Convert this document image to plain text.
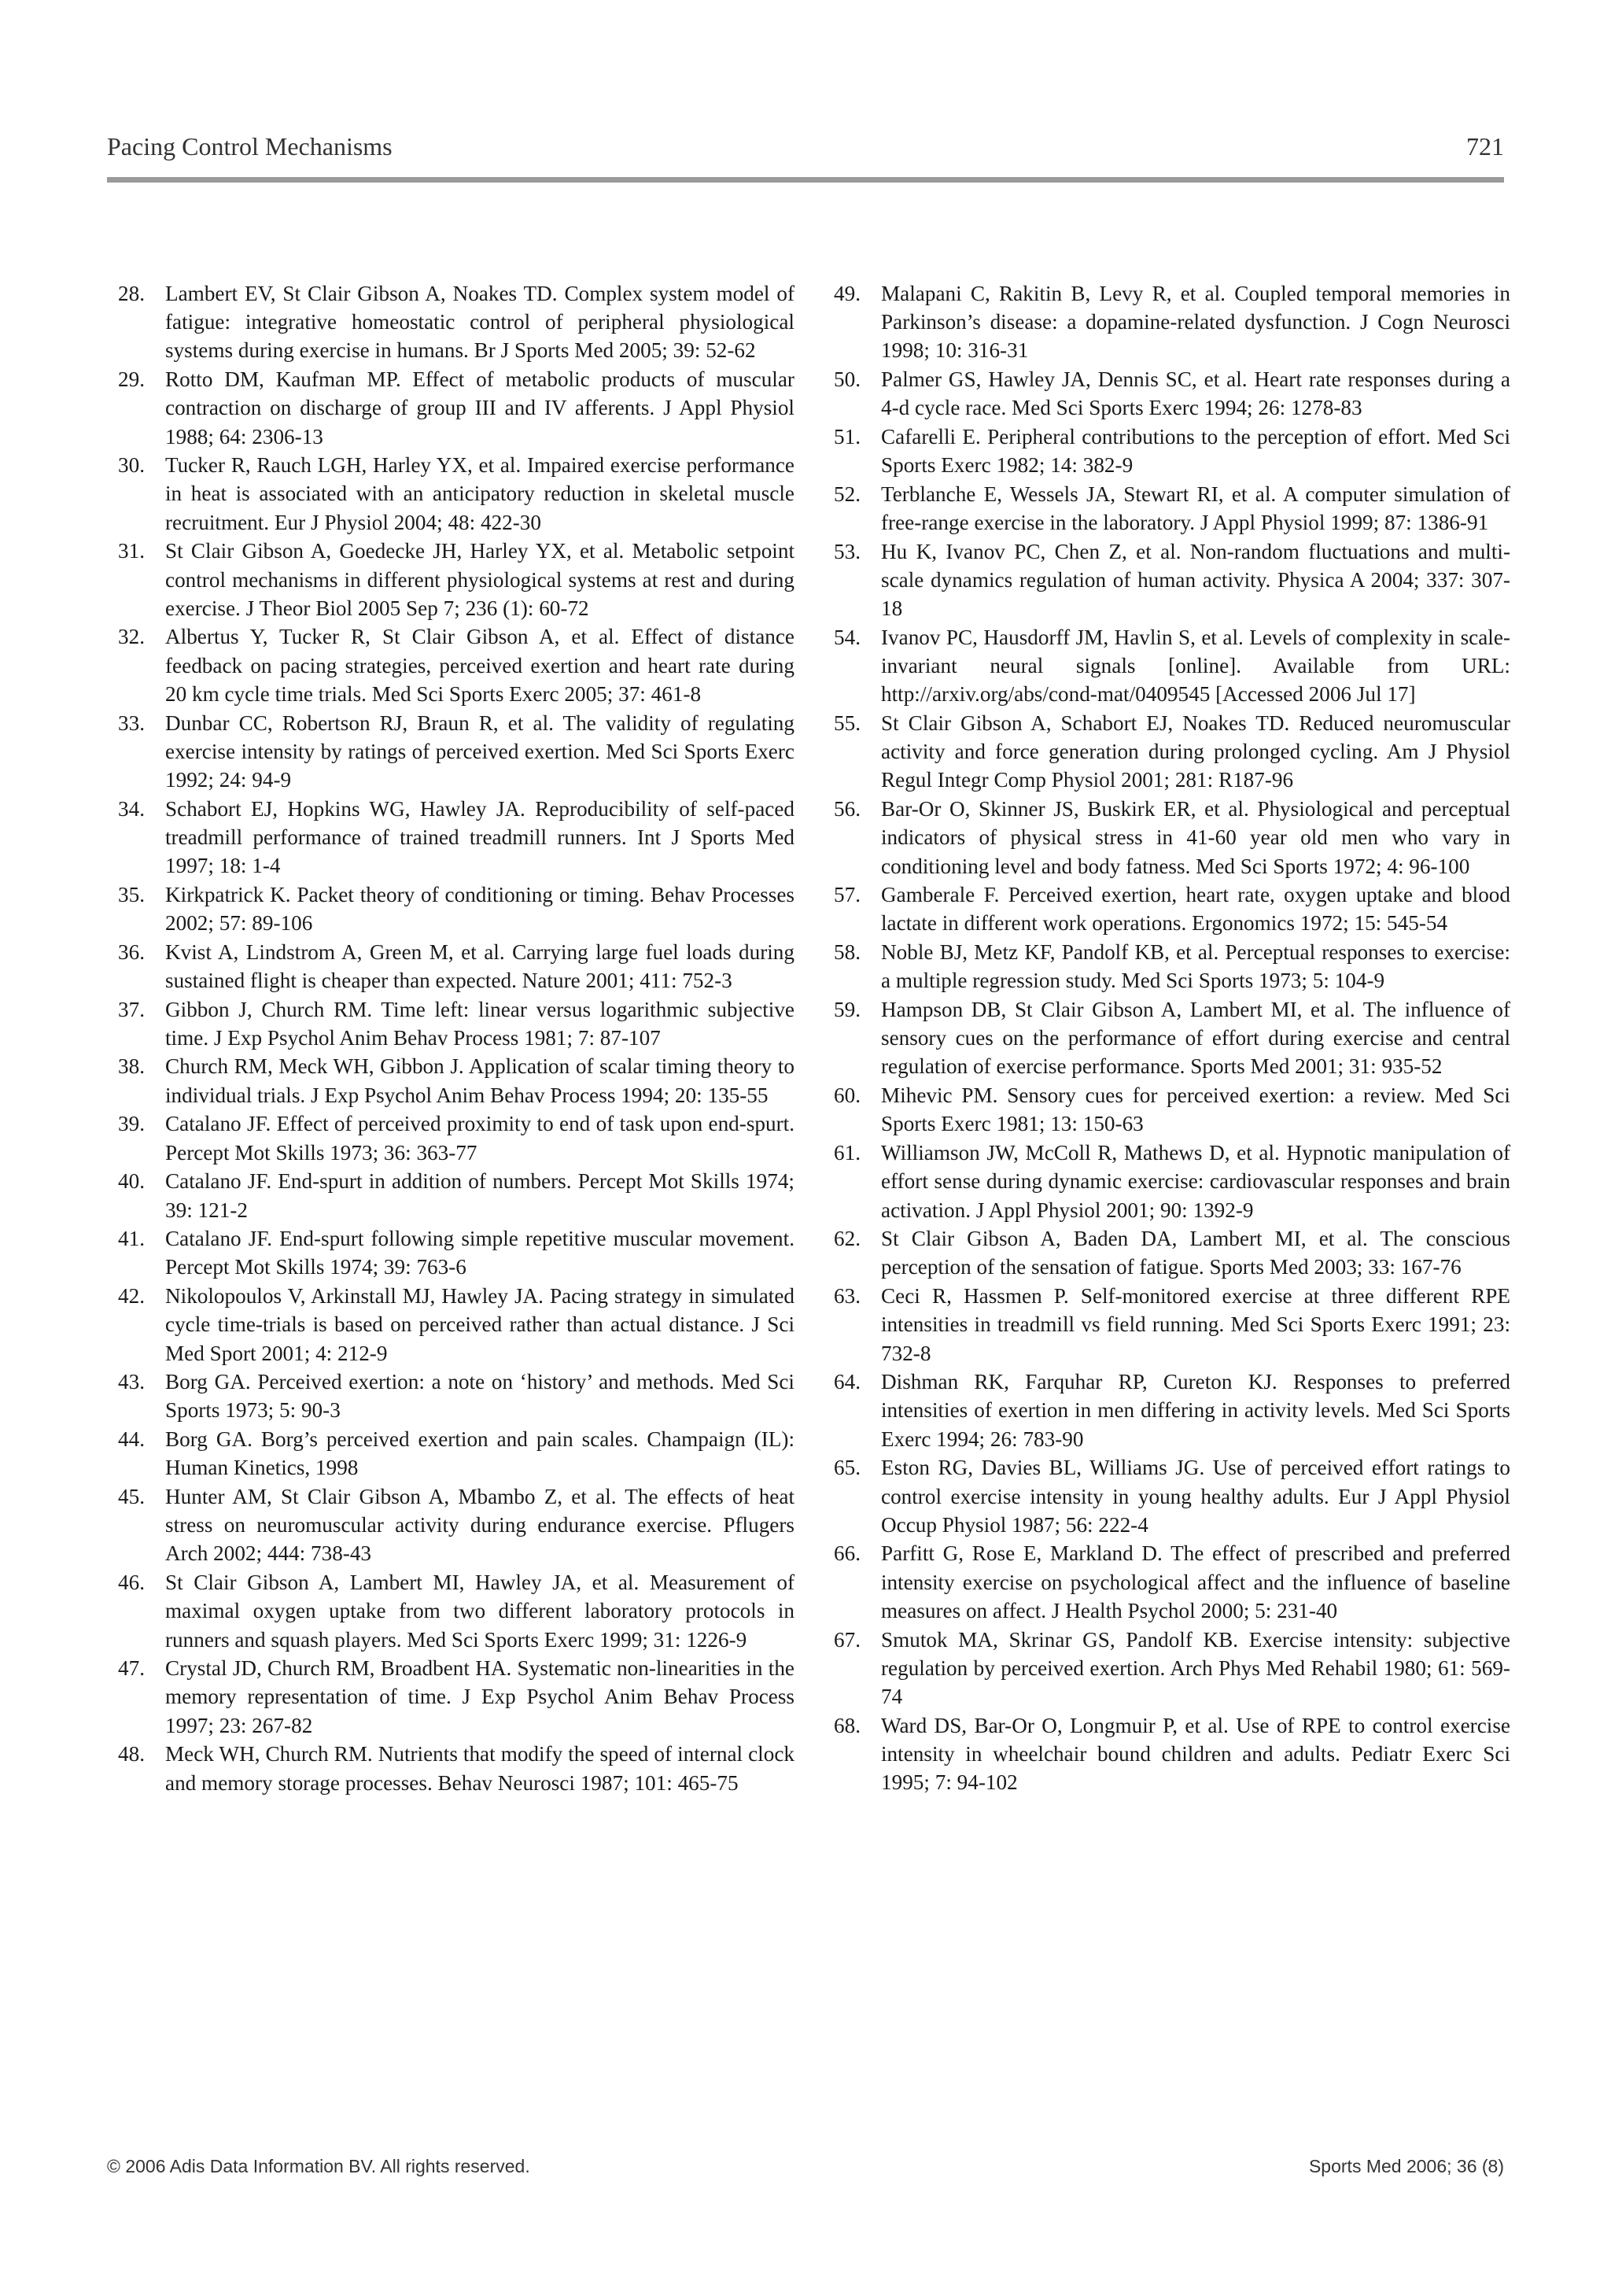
Pacing Control Mechanisms	721
28. Lambert EV, St Clair Gibson A, Noakes TD. Complex system model of fatigue: integrative homeostatic control of peripheral physiological systems during exercise in humans. Br J Sports Med 2005; 39: 52-62
29. Rotto DM, Kaufman MP. Effect of metabolic products of muscular contraction on discharge of group III and IV afferents. J Appl Physiol 1988; 64: 2306-13
30. Tucker R, Rauch LGH, Harley YX, et al. Impaired exercise performance in heat is associated with an anticipatory reduction in skeletal muscle recruitment. Eur J Physiol 2004; 48: 422-30
31. St Clair Gibson A, Goedecke JH, Harley YX, et al. Metabolic setpoint control mechanisms in different physiological systems at rest and during exercise. J Theor Biol 2005 Sep 7; 236 (1): 60-72
32. Albertus Y, Tucker R, St Clair Gibson A, et al. Effect of distance feedback on pacing strategies, perceived exertion and heart rate during 20 km cycle time trials. Med Sci Sports Exerc 2005; 37: 461-8
33. Dunbar CC, Robertson RJ, Braun R, et al. The validity of regulating exercise intensity by ratings of perceived exertion. Med Sci Sports Exerc 1992; 24: 94-9
34. Schabort EJ, Hopkins WG, Hawley JA. Reproducibility of self-paced treadmill performance of trained treadmill runners. Int J Sports Med 1997; 18: 1-4
35. Kirkpatrick K. Packet theory of conditioning or timing. Behav Processes 2002; 57: 89-106
36. Kvist A, Lindstrom A, Green M, et al. Carrying large fuel loads during sustained flight is cheaper than expected. Nature 2001; 411: 752-3
37. Gibbon J, Church RM. Time left: linear versus logarithmic subjective time. J Exp Psychol Anim Behav Process 1981; 7: 87-107
38. Church RM, Meck WH, Gibbon J. Application of scalar timing theory to individual trials. J Exp Psychol Anim Behav Process 1994; 20: 135-55
39. Catalano JF. Effect of perceived proximity to end of task upon end-spurt. Percept Mot Skills 1973; 36: 363-77
40. Catalano JF. End-spurt in addition of numbers. Percept Mot Skills 1974; 39: 121-2
41. Catalano JF. End-spurt following simple repetitive muscular movement. Percept Mot Skills 1974; 39: 763-6
42. Nikolopoulos V, Arkinstall MJ, Hawley JA. Pacing strategy in simulated cycle time-trials is based on perceived rather than actual distance. J Sci Med Sport 2001; 4: 212-9
43. Borg GA. Perceived exertion: a note on ‘history’ and methods. Med Sci Sports 1973; 5: 90-3
44. Borg GA. Borg’s perceived exertion and pain scales. Champaign (IL): Human Kinetics, 1998
45. Hunter AM, St Clair Gibson A, Mbambo Z, et al. The effects of heat stress on neuromuscular activity during endurance exercise. Pflugers Arch 2002; 444: 738-43
46. St Clair Gibson A, Lambert MI, Hawley JA, et al. Measurement of maximal oxygen uptake from two different laboratory protocols in runners and squash players. Med Sci Sports Exerc 1999; 31: 1226-9
47. Crystal JD, Church RM, Broadbent HA. Systematic non-linearities in the memory representation of time. J Exp Psychol Anim Behav Process 1997; 23: 267-82
48. Meck WH, Church RM. Nutrients that modify the speed of internal clock and memory storage processes. Behav Neurosci 1987; 101: 465-75
49. Malapani C, Rakitin B, Levy R, et al. Coupled temporal memories in Parkinson’s disease: a dopamine-related dysfunction. J Cogn Neurosci 1998; 10: 316-31
50. Palmer GS, Hawley JA, Dennis SC, et al. Heart rate responses during a 4-d cycle race. Med Sci Sports Exerc 1994; 26: 1278-83
51. Cafarelli E. Peripheral contributions to the perception of effort. Med Sci Sports Exerc 1982; 14: 382-9
52. Terblanche E, Wessels JA, Stewart RI, et al. A computer simulation of free-range exercise in the laboratory. J Appl Physiol 1999; 87: 1386-91
53. Hu K, Ivanov PC, Chen Z, et al. Non-random fluctuations and multi-scale dynamics regulation of human activity. Physica A 2004; 337: 307-18
54. Ivanov PC, Hausdorff JM, Havlin S, et al. Levels of complexity in scale-invariant neural signals [online]. Available from URL: http://arxiv.org/abs/cond-mat/0409545 [Accessed 2006 Jul 17]
55. St Clair Gibson A, Schabort EJ, Noakes TD. Reduced neuromuscular activity and force generation during prolonged cycling. Am J Physiol Regul Integr Comp Physiol 2001; 281: R187-96
56. Bar-Or O, Skinner JS, Buskirk ER, et al. Physiological and perceptual indicators of physical stress in 41-60 year old men who vary in conditioning level and body fatness. Med Sci Sports 1972; 4: 96-100
57. Gamberale F. Perceived exertion, heart rate, oxygen uptake and blood lactate in different work operations. Ergonomics 1972; 15: 545-54
58. Noble BJ, Metz KF, Pandolf KB, et al. Perceptual responses to exercise: a multiple regression study. Med Sci Sports 1973; 5: 104-9
59. Hampson DB, St Clair Gibson A, Lambert MI, et al. The influence of sensory cues on the performance of effort during exercise and central regulation of exercise performance. Sports Med 2001; 31: 935-52
60. Mihevic PM. Sensory cues for perceived exertion: a review. Med Sci Sports Exerc 1981; 13: 150-63
61. Williamson JW, McColl R, Mathews D, et al. Hypnotic manipulation of effort sense during dynamic exercise: cardiovascular responses and brain activation. J Appl Physiol 2001; 90: 1392-9
62. St Clair Gibson A, Baden DA, Lambert MI, et al. The conscious perception of the sensation of fatigue. Sports Med 2003; 33: 167-76
63. Ceci R, Hassmen P. Self-monitored exercise at three different RPE intensities in treadmill vs field running. Med Sci Sports Exerc 1991; 23: 732-8
64. Dishman RK, Farquhar RP, Cureton KJ. Responses to preferred intensities of exertion in men differing in activity levels. Med Sci Sports Exerc 1994; 26: 783-90
65. Eston RG, Davies BL, Williams JG. Use of perceived effort ratings to control exercise intensity in young healthy adults. Eur J Appl Physiol Occup Physiol 1987; 56: 222-4
66. Parfitt G, Rose E, Markland D. The effect of prescribed and preferred intensity exercise on psychological affect and the influence of baseline measures on affect. J Health Psychol 2000; 5: 231-40
67. Smutok MA, Skrinar GS, Pandolf KB. Exercise intensity: subjective regulation by perceived exertion. Arch Phys Med Rehabil 1980; 61: 569-74
68. Ward DS, Bar-Or O, Longmuir P, et al. Use of RPE to control exercise intensity in wheelchair bound children and adults. Pediatr Exerc Sci 1995; 7: 94-102
© 2006 Adis Data Information BV. All rights reserved.	Sports Med 2006; 36 (8)
